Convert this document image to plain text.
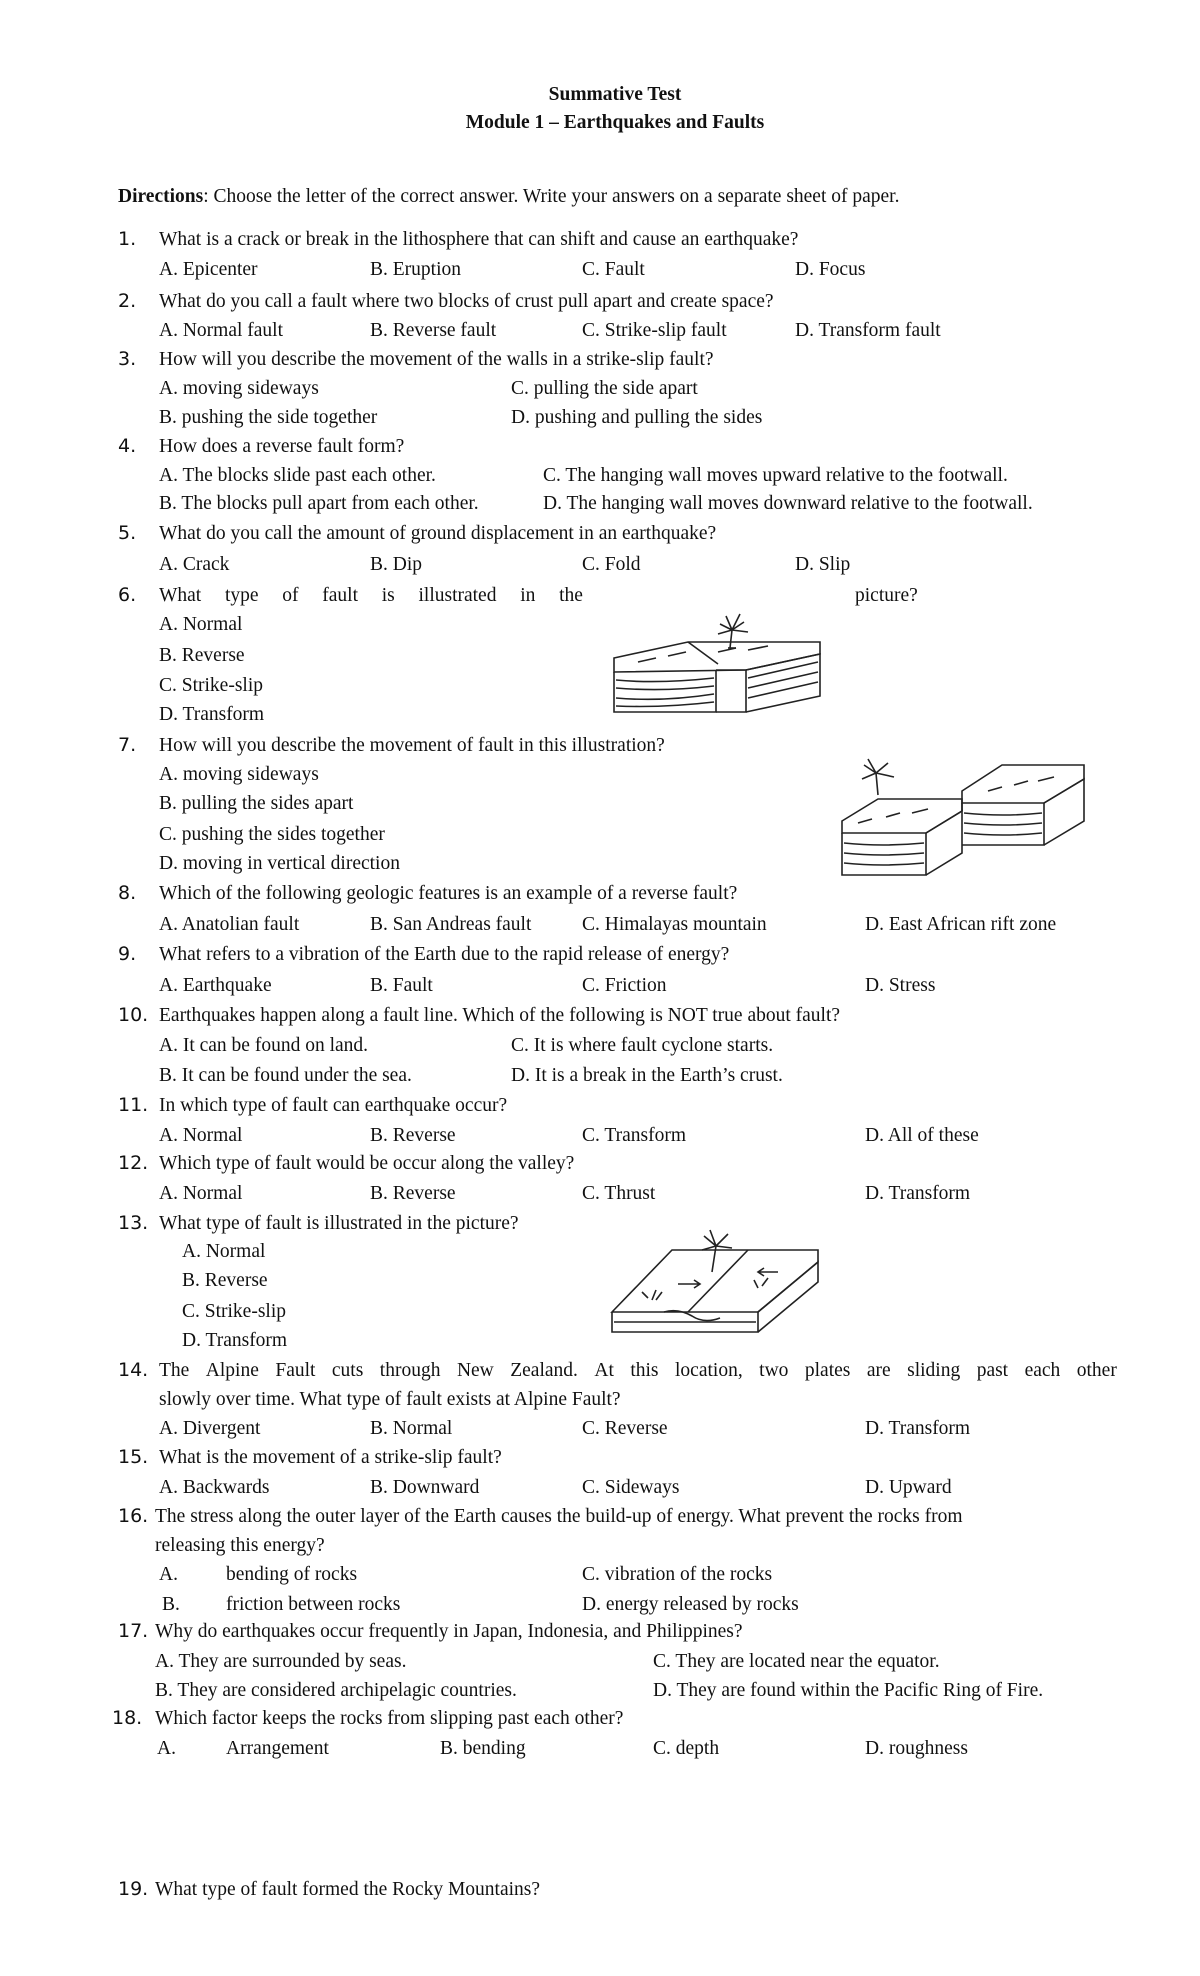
Summative Test
Module 1 – Earthquakes and Faults
Directions: Choose the letter of the correct answer. Write your answers on a separate sheet of paper.
1. What is a crack or break in the lithosphere that can shift and cause an earthquake?
A. Epicenter	B. Eruption	C. Fault	D. Focus
2. What do you call a fault where two blocks of crust pull apart and create space?
A. Normal fault	B. Reverse fault	C. Strike-slip fault	D. Transform fault
3. How will you describe the movement of the walls in a strike-slip fault?
A. moving sideways	C. pulling the side apart
B. pushing the side together	D. pushing and pulling the sides
4. How does a reverse fault form?
A. The blocks slide past each other.	C. The hanging wall moves upward relative to the footwall.
B. The blocks pull apart from each other.	D. The hanging wall moves downward relative to the footwall.
5. What do you call the amount of ground displacement in an earthquake?
A. Crack	B. Dip	C. Fold	D. Slip
6. What type of fault is illustrated in the	picture?
A. Normal
B. Reverse
C. Strike-slip
D. Transform
7. How will you describe the movement of fault in this illustration?
A. moving sideways
B. pulling the sides apart
C. pushing the sides together
D. moving in vertical direction
8. Which of the following geologic features is an example of a reverse fault?
A. Anatolian fault	B. San Andreas fault	C. Himalayas mountain	D. East African rift zone
9. What refers to a vibration of the Earth due to the rapid release of energy?
A. Earthquake	B. Fault	C. Friction	D. Stress
10. Earthquakes happen along a fault line. Which of the following is NOT true about fault?
A. It can be found on land.	C. It is where fault cyclone starts.
B. It can be found under the sea.	D. It is a break in the Earth’s crust.
11. In which type of fault can earthquake occur?
A. Normal	B. Reverse	C. Transform	D. All of these
12. Which type of fault would be occur along the valley?
A. Normal	B. Reverse	C. Thrust	D. Transform
13. What type of fault is illustrated in the picture?
A. Normal
B. Reverse
C. Strike-slip
D. Transform
14. The Alpine Fault cuts through New Zealand. At this location, two plates are sliding past each other
slowly over time. What type of fault exists at Alpine Fault?
A. Divergent	B. Normal	C. Reverse	D. Transform
15. What is the movement of a strike-slip fault?
A. Backwards	B. Downward	C. Sideways	D. Upward
16. The stress along the outer layer of the Earth causes the build-up of energy. What prevent the rocks from
releasing this energy?
A. bending of rocks	C. vibration of the rocks
B. friction between rocks	D. energy released by rocks
17. Why do earthquakes occur frequently in Japan, Indonesia, and Philippines?
A. They are surrounded by seas.	C. They are located near the equator.
B. They are considered archipelagic countries.	D. They are found within the Pacific Ring of Fire.
18. Which factor keeps the rocks from slipping past each other?
A.	Arrangement	B. bending	C. depth	D. roughness
19. What type of fault formed the Rocky Mountains?
